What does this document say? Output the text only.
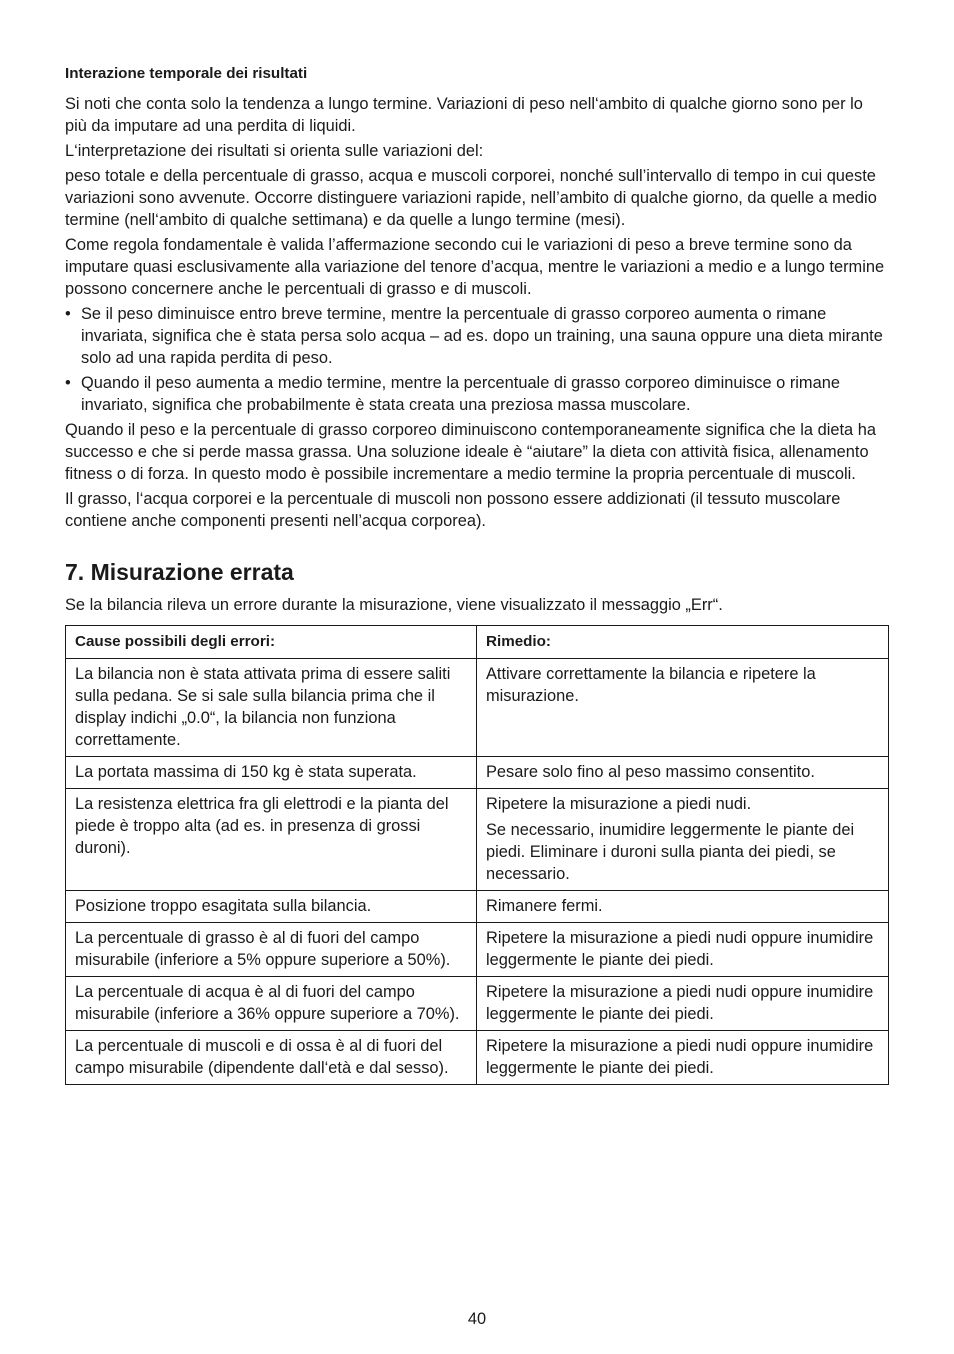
Interazione temporale dei risultati

Si noti che conta solo la tendenza a lungo termine. Variazioni di peso nell‘ambito di qualche giorno sono per lo più da imputare ad una perdita di liquidi.

L‘interpretazione dei risultati si orienta sulle variazioni del:

peso totale e della percentuale di grasso, acqua e muscoli corporei, nonché sull’intervallo di tempo in cui queste variazioni sono avvenute. Occorre distinguere variazioni rapide, nell’ambito di qualche giorno, da quelle a medio termine (nell‘ambito di qualche settimana) e da quelle a lungo termine (mesi).

Come regola fondamentale è valida l’affermazione secondo cui le variazioni di peso a breve termine sono da imputare quasi esclusivamente alla variazione del tenore d’acqua, mentre le variazioni a medio e a lungo termine possono concernere anche le percentuali di grasso e di muscoli.

• Se il peso diminuisce entro breve termine, mentre la percentuale di grasso corporeo aumenta o rimane invariata, significa che è stata persa solo acqua – ad es. dopo un training, una sauna oppure una dieta mirante solo ad una rapida perdita di peso.
• Quando il peso aumenta a medio termine, mentre la percentuale di grasso corporeo diminuisce o rimane invariato, significa che probabilmente è stata creata una preziosa massa muscolare.

Quando il peso e la percentuale di grasso corporeo diminuiscono contemporaneamente significa che la dieta ha successo e che si perde massa grassa. Una soluzione ideale è “aiutare” la dieta con attività fisica, allenamento fitness o di forza. In questo modo è possibile incrementare a medio termine la propria percentuale di muscoli.

Il grasso, l‘acqua corporei e la percentuale di muscoli non possono essere addizionati (il tessuto muscolare contiene anche componenti presenti nell’acqua corporea).

7. Misurazione errata

Se la bilancia rileva un errore durante la misurazione, viene visualizzato il messaggio „Err“.

Cause possibili degli errori:	Rimedio:

La bilancia non è stata attivata prima di essere saliti sulla pedana. Se si sale sulla bilancia prima che il display indichi „0.0“, la bilancia non funziona correttamente.	Attivare correttamente la bilancia e ripetere la misurazione.

La portata massima di 150 kg è stata superata.	Pesare solo fino al peso massimo consentito.

La resistenza elettrica fra gli elettrodi e la pianta del piede è troppo alta (ad es. in presenza di grossi duroni).	Ripetere la misurazione a piedi nudi.

Se necessario, inumidire leggermente le piante dei piedi. Eliminare i duroni sulla pianta dei piedi, se necessario.

Posizione troppo esagitata sulla bilancia.	Rimanere fermi.

La percentuale di grasso è al di fuori del campo misurabile (inferiore a 5% oppure superiore a 50%).	Ripetere la misurazione a piedi nudi oppure inumidire leggermente le piante dei piedi.

La percentuale di acqua è al di fuori del campo misurabile (inferiore a 36% oppure superiore a 70%).	Ripetere la misurazione a piedi nudi oppure inumidire leggermente le piante dei piedi.

La percentuale di muscoli e di ossa è al di fuori del campo misurabile (dipendente dall‘età e dal sesso).	Ripetere la misurazione a piedi nudi oppure inumidire leggermente le piante dei piedi.

40
